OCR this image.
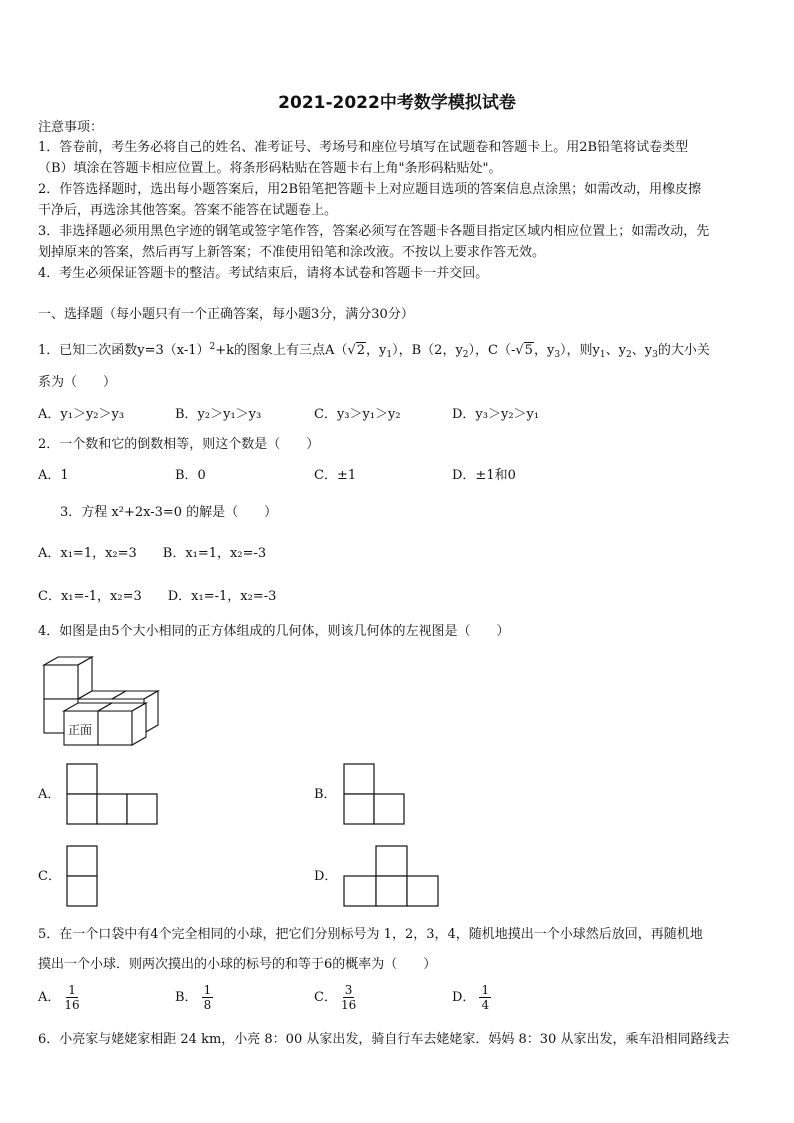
2021-2022中考数学模拟试卷
注意事项：
1．答卷前，考生务必将自己的姓名、准考证号、考场号和座位号填写在试题卷和答题卡上。用2B铅笔将试卷类型
（B）填涂在答题卡相应位置上。将条形码粘贴在答题卡右上角"条形码粘贴处"。
2．作答选择题时，选出每小题答案后，用2B铅笔把答题卡上对应题目选项的答案信息点涂黑；如需改动，用橡皮擦
干净后，再选涂其他答案。答案不能答在试题卷上。
3．非选择题必须用黑色字迹的钢笔或签字笔作答，答案必须写在答题卡各题目指定区域内相应位置上；如需改动，先
划掉原来的答案，然后再写上新答案；不准使用铅笔和涂改液。不按以上要求作答无效。
4．考生必须保证答题卡的整洁。考试结束后，请将本试卷和答题卡一并交回。
一、选择题（每小题只有一个正确答案，每小题3分，满分30分）
1．已知二次函数$y=3(x-1)^2+k$的图象上有三点A（√2，$y_1$），B（2，$y_2$），C（-√5，$y_3$），则$y_1$、$y_2$、$y_3$的大小关
系为（　　）
A．y₁＞y₂＞y₃	B．y₂＞y₁＞y₃	C．y₃＞y₁＞y₂	D．y₃＞y₂＞y₁
2．一个数和它的倒数相等，则这个数是（　　）
A．1	B．0	C．±1	D．±1和0
3．方程 x²+2x-3=0 的解是（　　）
A．x₁=1，x₂=3　　B．x₁=1，x₂=-3
C．x₁=-1，x₂=3　　D．x₁=-1，x₂=-3
4．如图是由5个大小相同的正方体组成的几何体，则该几何体的左视图是（　　）
正面
A．	B．
C．	D．
5．在一个口袋中有4个完全相同的小球，把它们分别标号为 1，2，3，4，随机地摸出一个小球然后放回，再随机地
摸出一个小球．则两次摸出的小球的标号的和等于6的概率为（　　）
A． $\frac{1}{16}$	B． $\frac{1}{8}$	C． $\frac{3}{16}$	D． $\frac{1}{4}$
6．小亮家与姥姥家相距 24 km，小亮 8：00 从家出发，骑自行车去姥姥家．妈妈 8：30 从家出发，乘车沿相同路线去
